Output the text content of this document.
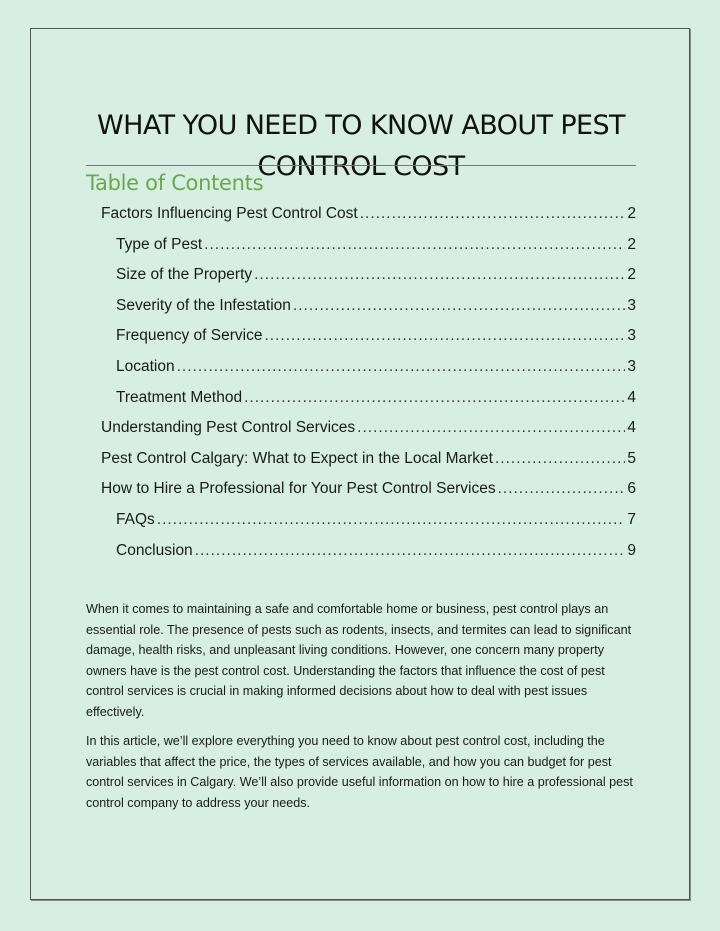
WHAT YOU NEED TO KNOW ABOUT PEST CONTROL COST
Table of Contents
Factors Influencing Pest Control Cost .....	2
Type of Pest .....	2
Size of the Property .....	2
Severity of the Infestation .....	3
Frequency of Service .....	3
Location .....	3
Treatment Method .....	4
Understanding Pest Control Services .....	4
Pest Control Calgary: What to Expect in the Local Market .....	5
How to Hire a Professional for Your Pest Control Services .....	6
FAQs .....	7
Conclusion .....	9

When it comes to maintaining a safe and comfortable home or business, pest control plays an essential role. The presence of pests such as rodents, insects, and termites can lead to significant damage, health risks, and unpleasant living conditions. However, one concern many property owners have is the pest control cost. Understanding the factors that influence the cost of pest control services is crucial in making informed decisions about how to deal with pest issues effectively.

In this article, we’ll explore everything you need to know about pest control cost, including the variables that affect the price, the types of services available, and how you can budget for pest control services in Calgary. We’ll also provide useful information on how to hire a professional pest control company to address your needs.
